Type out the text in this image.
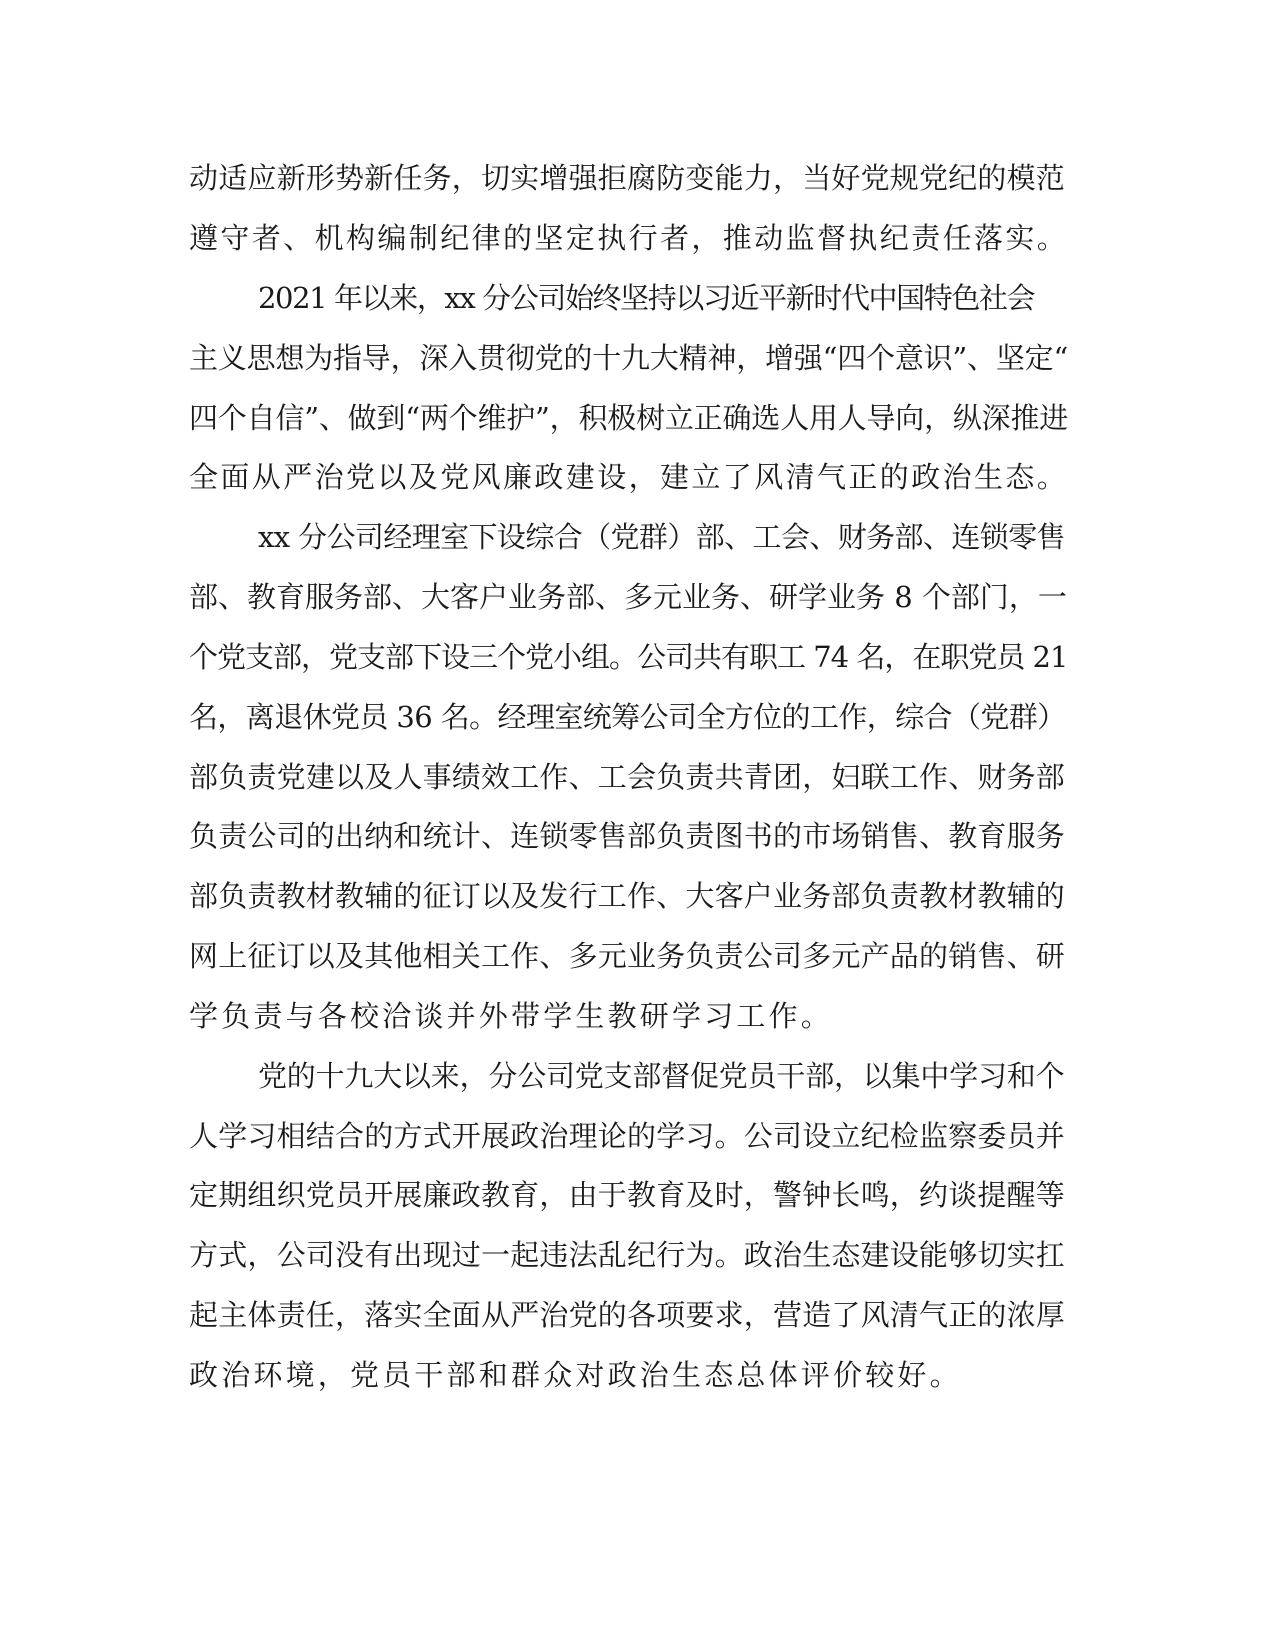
动适应新形势新任务，切实增强拒腐防变能力，当好党规党纪的模范

遵守者、机构编制纪律的坚定执行者，推动监督执纪责任落实。

2021 年以来，xx 分公司始终坚持以习近平新时代中国特色社会

主义思想为指导，深入贯彻党的十九大精神，增强“四个意识”、坚定“

四个自信”、做到“两个维护”，积极树立正确选人用人导向，纵深推进

全面从严治党以及党风廉政建设，建立了风清气正的政治生态。

xx 分公司经理室下设综合（党群）部、工会、财务部、连锁零售

部、教育服务部、大客户业务部、多元业务、研学业务 8 个部门，一

个党支部，党支部下设三个党小组。公司共有职工 74 名，在职党员 21

名，离退休党员 36 名。经理室统筹公司全方位的工作，综合（党群）

部负责党建以及人事绩效工作、工会负责共青团，妇联工作、财务部

负责公司的出纳和统计、连锁零售部负责图书的市场销售、教育服务

部负责教材教辅的征订以及发行工作、大客户业务部负责教材教辅的

网上征订以及其他相关工作、多元业务负责公司多元产品的销售、研

学负责与各校洽谈并外带学生教研学习工作。

党的十九大以来，分公司党支部督促党员干部，以集中学习和个

人学习相结合的方式开展政治理论的学习。公司设立纪检监察委员并

定期组织党员开展廉政教育，由于教育及时，警钟长鸣，约谈提醒等

方式，公司没有出现过一起违法乱纪行为。政治生态建设能够切实扛

起主体责任，落实全面从严治党的各项要求，营造了风清气正的浓厚

政治环境，党员干部和群众对政治生态总体评价较好。
